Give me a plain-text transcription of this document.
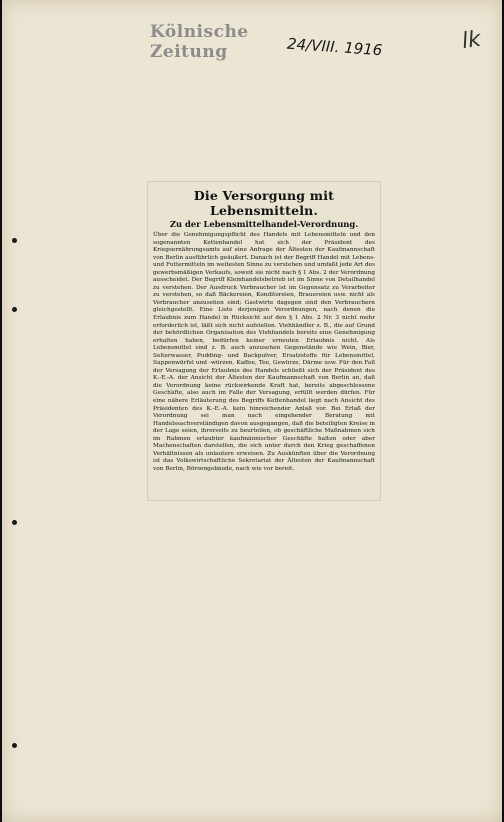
Kölnische Zeitung	24/VIII. 1916	lk
Die Versorgung mit Lebensmitteln.
Zu der Lebensmittelhandel-Verordnung.
Über die Genehmigungspflicht des Handels mit Lebensmitteln und den sogenannten Kettenhandel hat sich der Präsident des Kriegsernährungsamts auf eine Anfrage der Ältesten der Kaufmannschaft von Berlin ausführlich geäußert. Danach ist der Begriff Handel mit Lebens- und Futtermitteln im weitesten Sinne zu verstehen und umfaßt jede Art des gewerbsmäßigen Verkaufs, soweit sie nicht nach § 1 Abs. 2 der Verordnung ausscheidet. Der Begriff Kleinhandelsbetrieb ist im Sinne von Detailhandel zu verstehen. Der Ausdruck Verbraucher ist im Gegensatz zu Verarbeiter zu verstehen, so daß Bäckereien, Konditoreien, Brauereien usw. nicht als Verbraucher anzusehen sind; Gastwirte dagegen sind den Verbrauchern gleichgestellt. Eine Liste derjenigen Verordnungen, nach denen die Erlaubnis zum Handel in Rücksicht auf den § 1 Abs. 2 Nr. 3 nicht mehr erforderlich ist, läßt sich nicht aufstellen. Viehhändler z. B., die auf Grund der behördlichen Organisation des Viehhandels bereits eine Genehmigung erhalten haben, bedürfen keiner erneuten Erlaubnis nicht. Als Lebensmittel sind z. B. auch anzusehen Gegenstände wie Wein, Bier, Selterwasser, Pudding- und Backpulver, Ersatzstoffe für Lebensmittel, Suppenwürfel und -würzen, Kaffee, Tee, Gewürze, Därme usw. Für den Fall der Versagung der Erlaubnis des Handels schließt sich der Präsident des K.-E.-A. der Ansicht der Ältesten der Kaufmannschaft von Berlin an, daß die Verordnung keine rückwirkende Kraft hat, bereits abgeschlossene Geschäfte, also auch im Falle der Versagung, erfüllt werden dürfen. Für eine nähere Erläuterung des Begriffs Kettenhandel liegt nach Ansicht des Präsidenten des K.-E.-A. kein hinreichender Anlaß vor. Bei Erlaß der Verordnung sei man nach eingehender Beratung mit Handelssachverständigen davon ausgegangen, daß die beteiligten Kreise in der Lage seien, ihrerseits zu beurteilen, ob geschäftliche Maßnahmen sich im Rahmen erlaubter kaufmännischer Geschäfte halten oder aber Machenschaften darstellen, die sich unter durch den Krieg geschaffenen Verhältnissen als unlautere erweisen. Zu Auskünften über die Verordnung ist das Volkswirtschaftliche Sekretariat der Ältesten der Kaufmannschaft von Berlin, Börsengebäude, nach wie vor bereit.
